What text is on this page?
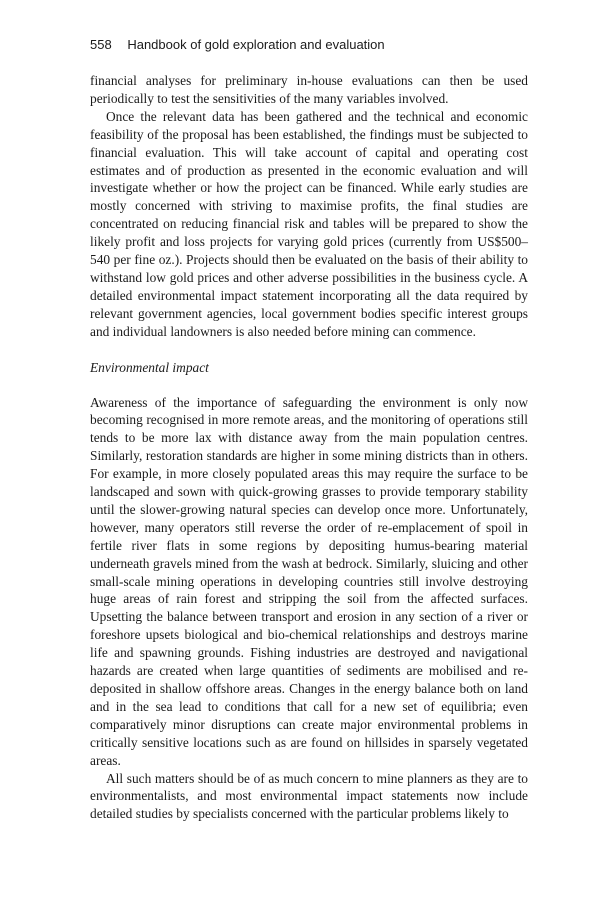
558 Handbook of gold exploration and evaluation

financial analyses for preliminary in-house evaluations can then be used periodically to test the sensitivities of the many variables involved.

Once the relevant data has been gathered and the technical and economic feasibility of the proposal has been established, the findings must be subjected to financial evaluation. This will take account of capital and operating cost estimates and of production as presented in the economic evaluation and will investigate whether or how the project can be financed. While early studies are mostly concerned with striving to maximise profits, the final studies are concentrated on reducing financial risk and tables will be prepared to show the likely profit and loss projects for varying gold prices (currently from US$500–540 per fine oz.). Projects should then be evaluated on the basis of their ability to withstand low gold prices and other adverse possibilities in the business cycle. A detailed environmental impact statement incorporating all the data required by relevant government agencies, local government bodies specific interest groups and individual landowners is also needed before mining can commence.

Environmental impact

Awareness of the importance of safeguarding the environment is only now becoming recognised in more remote areas, and the monitoring of operations still tends to be more lax with distance away from the main population centres. Similarly, restoration standards are higher in some mining districts than in others. For example, in more closely populated areas this may require the surface to be landscaped and sown with quick-growing grasses to provide temporary stability until the slower-growing natural species can develop once more. Unfortunately, however, many operators still reverse the order of re-emplacement of spoil in fertile river flats in some regions by depositing humus-bearing material underneath gravels mined from the wash at bedrock. Similarly, sluicing and other small-scale mining operations in developing countries still involve destroying huge areas of rain forest and stripping the soil from the affected surfaces. Upsetting the balance between transport and erosion in any section of a river or foreshore upsets biological and bio-chemical relationships and destroys marine life and spawning grounds. Fishing industries are destroyed and navigational hazards are created when large quantities of sediments are mobilised and re-deposited in shallow offshore areas. Changes in the energy balance both on land and in the sea lead to conditions that call for a new set of equilibria; even comparatively minor disruptions can create major environmental problems in critically sensitive locations such as are found on hillsides in sparsely vegetated areas.

All such matters should be of as much concern to mine planners as they are to environmentalists, and most environmental impact statements now include detailed studies by specialists concerned with the particular problems likely to
